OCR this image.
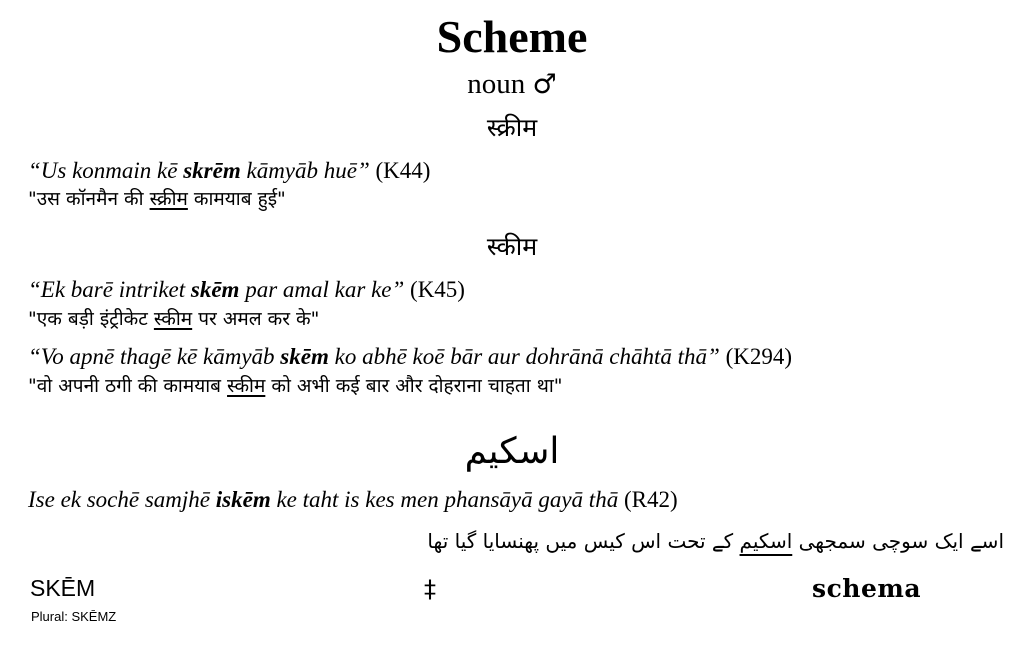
Scheme
noun ♂
स्क्रीम
“Us konmain kē skrēm kāmyāb huē” (K44)
"उस कॉनमैन की स्क्रीम कामयाब हुई"
स्कीम
“Ek barē intriket skēm par amal kar ke” (K45)
"एक बड़ी इंट्रीकेट स्कीम पर अमल कर के"
“Vo apnē thagē kē kāmyāb skēm ko abhē koē bār aur dohrānā chāhtā thā” (K294)
"वो अपनी ठगी की कामयाब स्कीम को अभी कई बार और दोहराना चाहता था"
اسکیم
Ise ek sochē samjhē iskēm ke taht is kes men phansāyā gayā thā (R42)
اسے ایک سوچی سمجھی اسکیم کے تحت اس کیس میں پھنسایا گیا تھا
SKĒM
Plural: SKĒMZ
‡	schema
